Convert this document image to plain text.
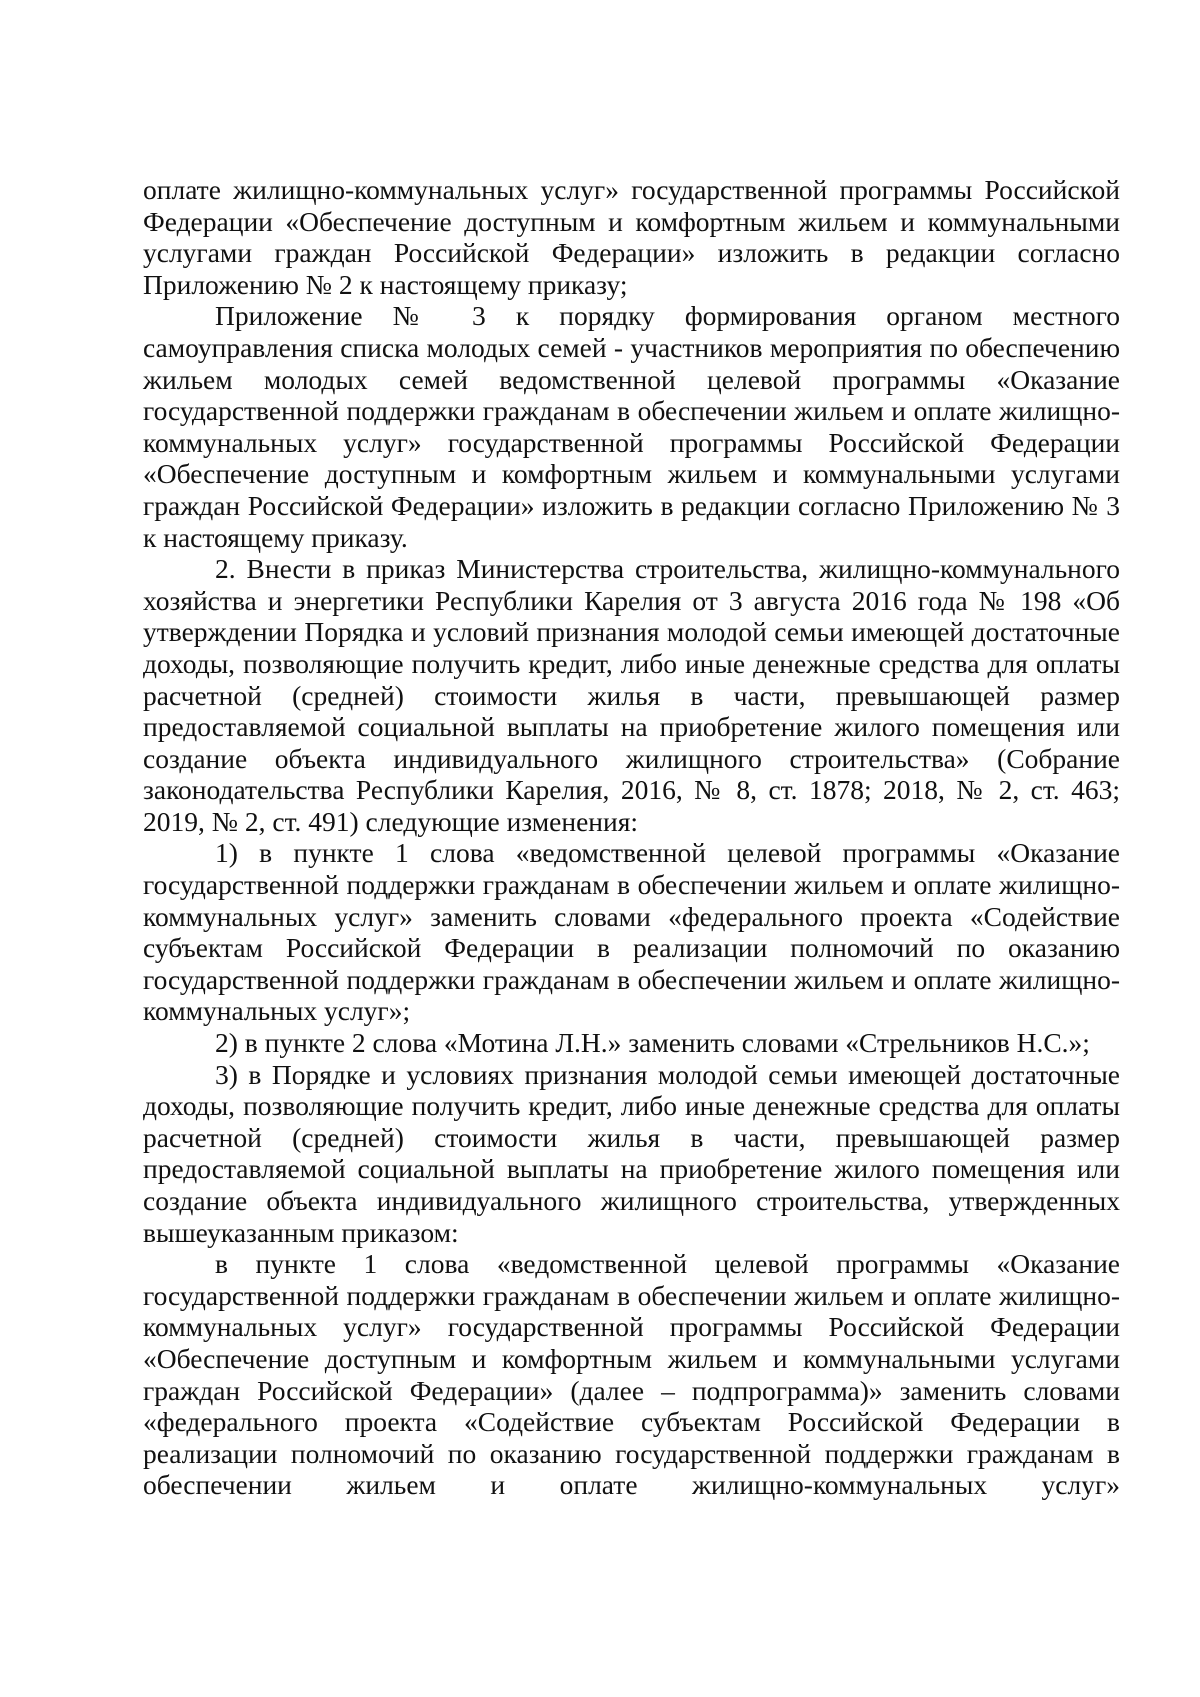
оплате жилищно-коммунальных услуг» государственной программы Российской Федерации «Обеспечение доступным и комфортным жильем и коммунальными услугами граждан Российской Федерации» изложить в редакции согласно Приложению № 2 к настоящему приказу;

Приложение № 3 к порядку формирования органом местного самоуправления списка молодых семей - участников мероприятия по обеспечению жильем молодых семей ведомственной целевой программы «Оказание государственной поддержки гражданам в обеспечении жильем и оплате жилищно-коммунальных услуг» государственной программы Российской Федерации «Обеспечение доступным и комфортным жильем и коммунальными услугами граждан Российской Федерации» изложить в редакции согласно Приложению № 3 к настоящему приказу.

2. Внести в приказ Министерства строительства, жилищно-коммунального хозяйства и энергетики Республики Карелия от 3 августа 2016 года № 198 «Об утверждении Порядка и условий признания молодой семьи имеющей достаточные доходы, позволяющие получить кредит, либо иные денежные средства для оплаты расчетной (средней) стоимости жилья в части, превышающей размер предоставляемой социальной выплаты на приобретение жилого помещения или создание объекта индивидуального жилищного строительства» (Собрание законодательства Республики Карелия, 2016, № 8, ст. 1878; 2018, № 2, ст. 463; 2019, № 2, ст. 491) следующие изменения:

1) в пункте 1 слова «ведомственной целевой программы «Оказание государственной поддержки гражданам в обеспечении жильем и оплате жилищно-коммунальных услуг» заменить словами «федерального проекта «Содействие субъектам Российской Федерации в реализации полномочий по оказанию государственной поддержки гражданам в обеспечении жильем и оплате жилищно-коммунальных услуг»;

2) в пункте 2 слова «Мотина Л.Н.» заменить словами «Стрельников Н.С.»;

3) в Порядке и условиях признания молодой семьи имеющей достаточные доходы, позволяющие получить кредит, либо иные денежные средства для оплаты расчетной (средней) стоимости жилья в части, превышающей размер предоставляемой социальной выплаты на приобретение жилого помещения или создание объекта индивидуального жилищного строительства, утвержденных вышеуказанным приказом:

в пункте 1 слова «ведомственной целевой программы «Оказание государственной поддержки гражданам в обеспечении жильем и оплате жилищно-коммунальных услуг» государственной программы Российской Федерации «Обеспечение доступным и комфортным жильем и коммунальными услугами граждан Российской Федерации» (далее – подпрограмма)» заменить словами «федерального проекта «Содействие субъектам Российской Федерации в реализации полномочий по оказанию государственной поддержки гражданам в обеспечении жильем и оплате жилищно-коммунальных услуг»
